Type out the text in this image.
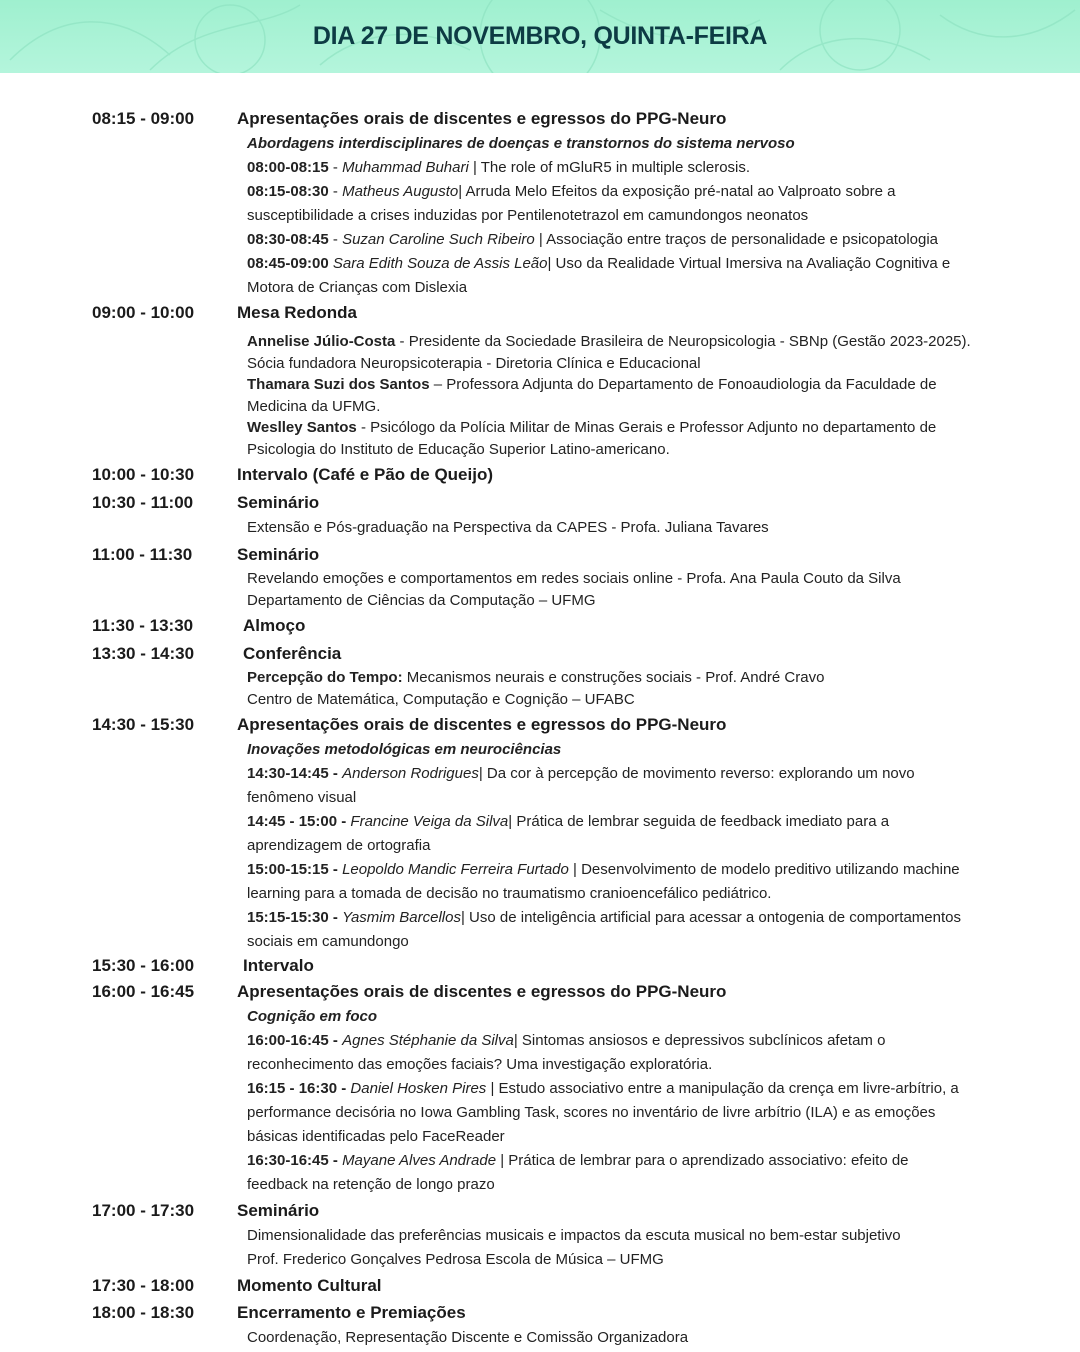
DIA 27 DE NOVEMBRO, QUINTA-FEIRA
08:15 - 09:00	Apresentações orais de discentes e egressos do PPG-Neuro
Abordagens interdisciplinares de doenças e transtornos do sistema nervoso
08:00-08:15 - Muhammad Buhari | The role of mGluR5 in multiple sclerosis.
08:15-08:30 - Matheus Augusto| Arruda Melo Efeitos da exposição pré-natal ao Valproato sobre a susceptibilidade a crises induzidas por Pentilenotetrazol em camundongos neonatos
08:30-08:45 - Suzan Caroline Such Ribeiro | Associação entre traços de personalidade e psicopatologia
08:45-09:00 Sara Edith Souza de Assis Leão| Uso da Realidade Virtual Imersiva na Avaliação Cognitiva e Motora de Crianças com Dislexia
09:00 - 10:00	Mesa Redonda
Annelise Júlio-Costa - Presidente da Sociedade Brasileira de Neuropsicologia - SBNp (Gestão 2023-2025). Sócia fundadora Neuropsicoterapia - Diretoria Clínica e Educacional
Thamara Suzi dos Santos – Professora Adjunta do Departamento de Fonoaudiologia da Faculdade de Medicina da UFMG.
Weslley Santos - Psicólogo da Polícia Militar de Minas Gerais e Professor Adjunto no departamento de Psicologia do Instituto de Educação Superior Latino-americano.
10:00 - 10:30	Intervalo (Café e Pão de Queijo)
10:30 - 11:00	Seminário
Extensão e Pós-graduação na Perspectiva da CAPES - Profa. Juliana Tavares
11:00 - 11:30	Seminário
Revelando emoções e comportamentos em redes sociais online - Profa. Ana Paula Couto da Silva
Departamento de Ciências da Computação – UFMG
11:30 - 13:30	Almoço
13:30 - 14:30	Conferência
Percepção do Tempo: Mecanismos neurais e construções sociais - Prof. André Cravo
Centro de Matemática, Computação e Cognição – UFABC
14:30 - 15:30	Apresentações orais de discentes e egressos do PPG-Neuro
Inovações metodológicas em neurociências
14:30-14:45 - Anderson Rodrigues| Da cor à percepção de movimento reverso: explorando um novo fenômeno visual
14:45 - 15:00 - Francine Veiga da Silva| Prática de lembrar seguida de feedback imediato para a aprendizagem de ortografia
15:00-15:15 - Leopoldo Mandic Ferreira Furtado | Desenvolvimento de modelo preditivo utilizando machine learning para a tomada de decisão no traumatismo cranioencefálico pediátrico.
15:15-15:30 - Yasmim Barcellos| Uso de inteligência artificial para acessar a ontogenia de comportamentos sociais em camundongo
15:30 - 16:00	Intervalo
16:00 - 16:45	Apresentações orais de discentes e egressos do PPG-Neuro
Cognição em foco
16:00-16:45 - Agnes Stéphanie da Silva| Sintomas ansiosos e depressivos subclínicos afetam o reconhecimento das emoções faciais? Uma investigação exploratória.
16:15 - 16:30 - Daniel Hosken Pires | Estudo associativo entre a manipulação da crença em livre-arbítrio, a performance decisória no Iowa Gambling Task, scores no inventário de livre arbítrio (ILA) e as emoções básicas identificadas pelo FaceReader
16:30-16:45 - Mayane Alves Andrade | Prática de lembrar para o aprendizado associativo: efeito de feedback na retenção de longo prazo
17:00 - 17:30	Seminário
Dimensionalidade das preferências musicais e impactos da escuta musical no bem-estar subjetivo
Prof. Frederico Gonçalves Pedrosa Escola de Música – UFMG
17:30 - 18:00	Momento Cultural
18:00 - 18:30	Encerramento e Premiações
Coordenação, Representação Discente e Comissão Organizadora
